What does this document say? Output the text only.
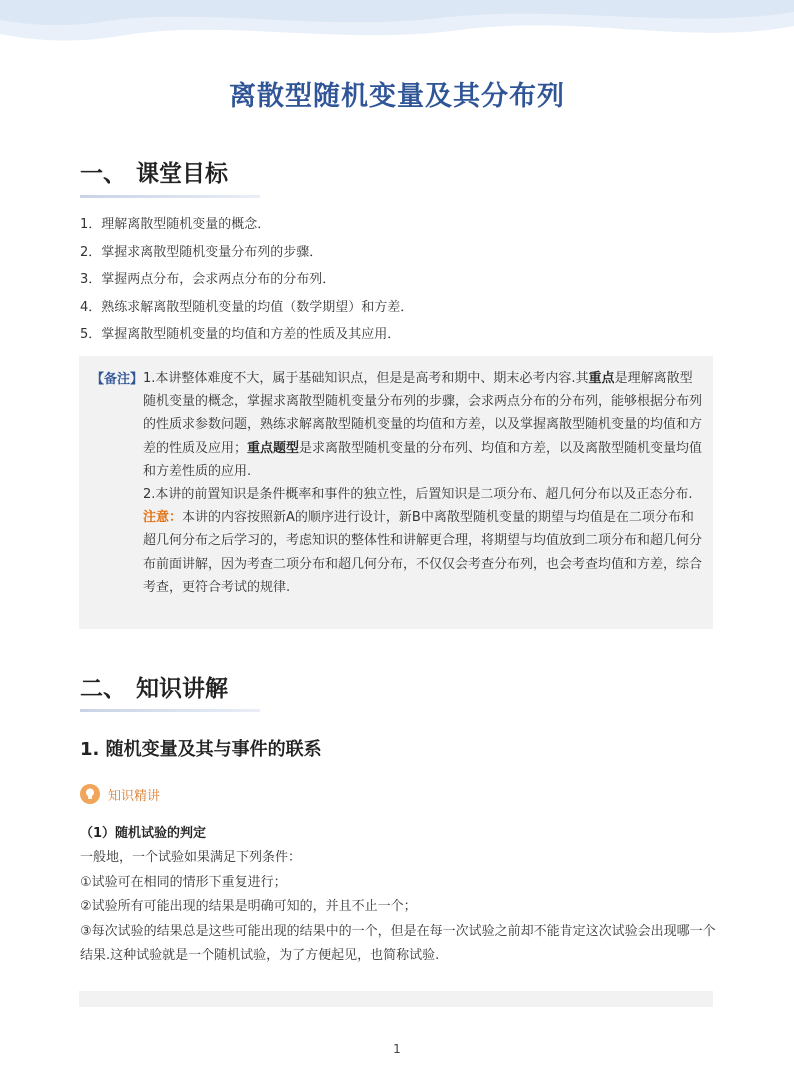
离散型随机变量及其分布列
一、 课堂目标
1．理解离散型随机变量的概念．
2．掌握求离散型随机变量分布列的步骤．
3．掌握两点分布，会求两点分布的分布列．
4．熟练求解离散型随机变量的均值（数学期望）和方差．
5．掌握离散型随机变量的均值和方差的性质及其应用．
【备注】 1.本讲整体难度不大，属于基础知识点，但是是高考和期中、期末必考内容.其重点是理解离散型随机变量的概念，掌握求离散型随机变量分布列的步骤，会求两点分布的分布列，能够根据分布列的性质求参数问题，熟练求解离散型随机变量的均值和方差，以及掌握离散型随机变量的均值和方差的性质及应用；重点题型是求离散型随机变量的分布列、均值和方差，以及离散型随机变量均值和方差性质的应用.

2.本讲的前置知识是条件概率和事件的独立性，后置知识是二项分布、超几何分布以及正态分布.

注意：本讲的内容按照新A的顺序进行设计，新B中离散型随机变量的期望与均值是在二项分布和超几何分布之后学习的，考虑知识的整体性和讲解更合理，将期望与均值放到二项分布和超几何分布前面讲解，因为考查二项分布和超几何分布，不仅仅会考查分布列，也会考查均值和方差，综合考查，更符合考试的规律.

二、 知识讲解
1. 随机变量及其与事件的联系
知识精讲
（1）随机试验的判定

一般地，一个试验如果满足下列条件：

①试验可在相同的情形下重复进行；

②试验所有可能出现的结果是明确可知的，并且不止一个；

③每次试验的结果总是这些可能出现的结果中的一个，但是在每一次试验之前却不能肯定这次试验会出现哪一个结果.这种试验就是一个随机试验，为了方便起见，也简称试验.

1
